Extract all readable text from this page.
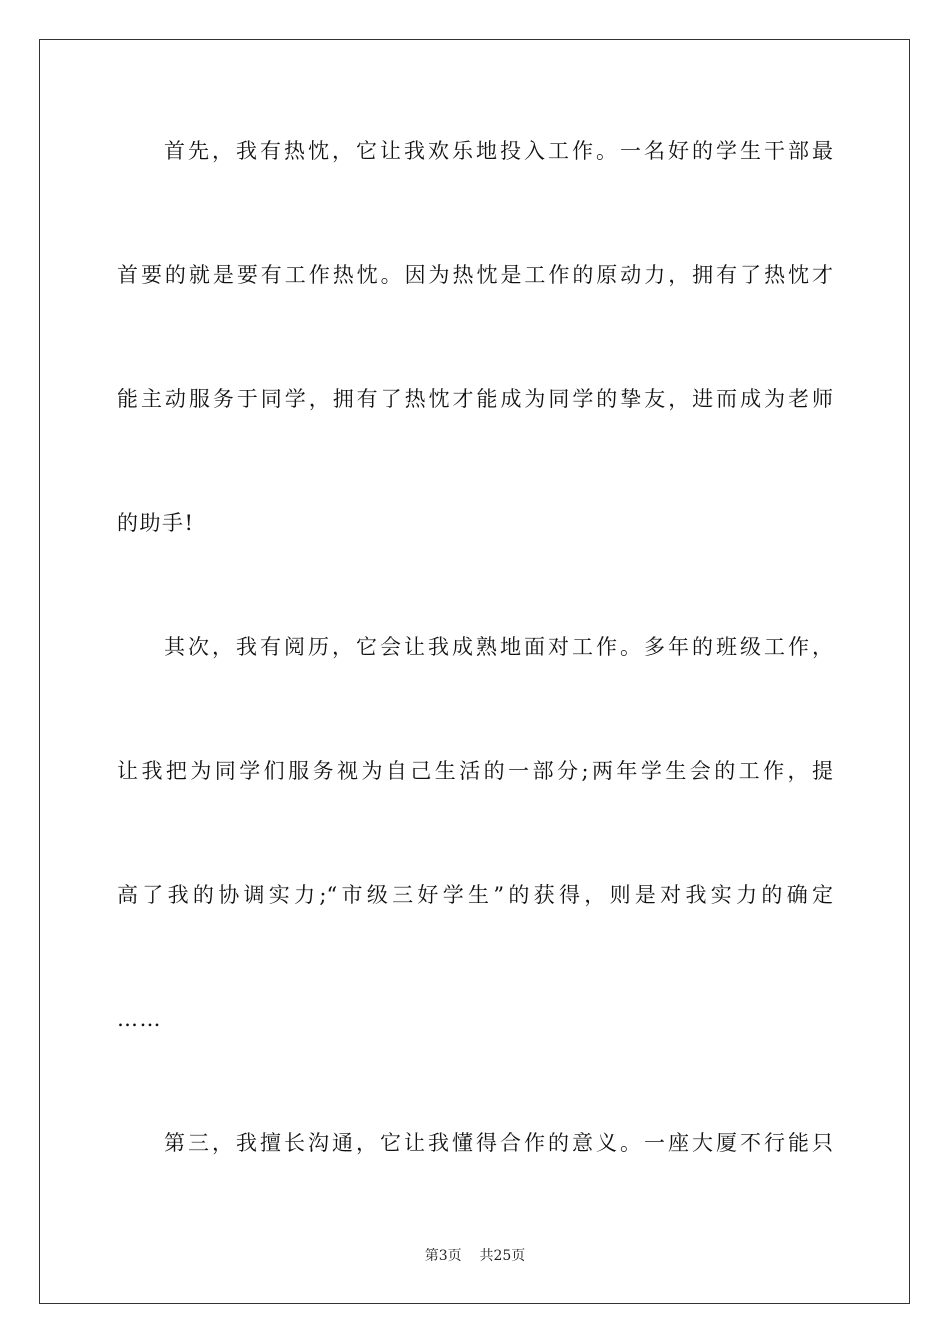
首先，我有热忱，它让我欢乐地投入工作。一名好的学生干部最
首要的就是要有工作热忱。因为热忱是工作的原动力，拥有了热忱才
能主动服务于同学，拥有了热忱才能成为同学的挚友，进而成为老师
的助手!
其次，我有阅历，它会让我成熟地面对工作。多年的班级工作，
让我把为同学们服务视为自己生活的一部分;两年学生会的工作，提
高了我的协调实力;“市级三好学生”的获得，则是对我实力的确定
……
第三，我擅长沟通，它让我懂得合作的意义。一座大厦不行能只
第3页 共25页
